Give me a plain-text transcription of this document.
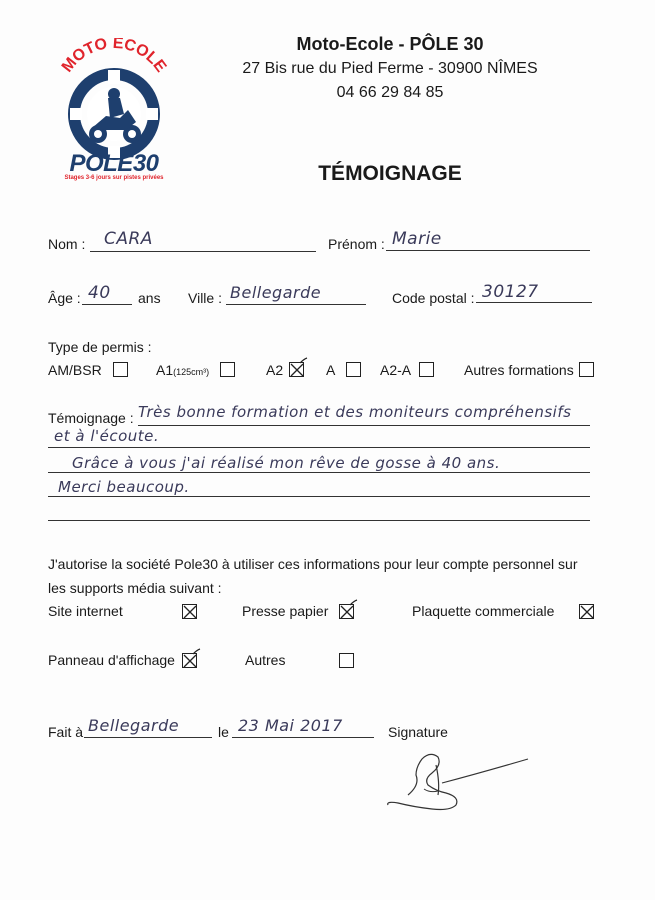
MOTO ÉCOLE
POLE30
Stages 3-6 jours sur pistes privées
Moto-Ecole - PÔLE 30
27 Bis rue du Pied Ferme - 30900 NÎMES
04 66 29 84 85
TÉMOIGNAGE
Nom : CARA	Prénom : Marie
Âge : 40 ans Ville : Bellegarde	Code postal : 30127
Type de permis :
AM/BSR	A1(125cm³)	A2	A	A2-A	Autres formations
Témoignage : Très bonne formation et des moniteurs compréhensifs
et à l'écoute.
Grâce à vous j'ai réalisé mon rêve de gosse à 40 ans.
Merci beaucoup.
J'autorise la société Pole30 à utiliser ces informations pour leur compte personnel sur
les supports média suivant :
Site internet	Presse papier	Plaquette commerciale
Panneau d'affichage	Autres
Fait à Bellegarde	le 23 Mai 2017	Signature
